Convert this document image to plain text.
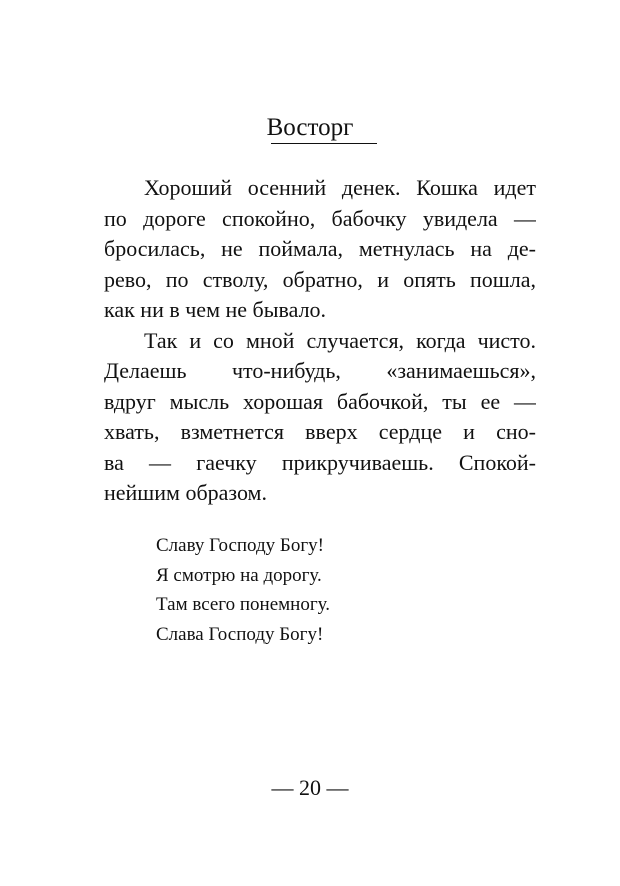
Восторг
Хороший осенний денек. Кошка идет
по дороге спокойно, бабочку увидела —
бросилась, не поймала, метнулась на де-
рево, по стволу, обратно, и опять пошла,
как ни в чем не бывало.
Так и со мной случается, когда чисто.
Делаешь что-нибудь, «занимаешься»,
вдруг мысль хорошая бабочкой, ты ее —
хвать, взметнется вверх сердце и сно-
ва — гаечку прикручиваешь. Спокой-
нейшим образом.
Славу Господу Богу!
Я смотрю на дорогу.
Там всего понемногу.
Слава Господу Богу!
— 20 —
